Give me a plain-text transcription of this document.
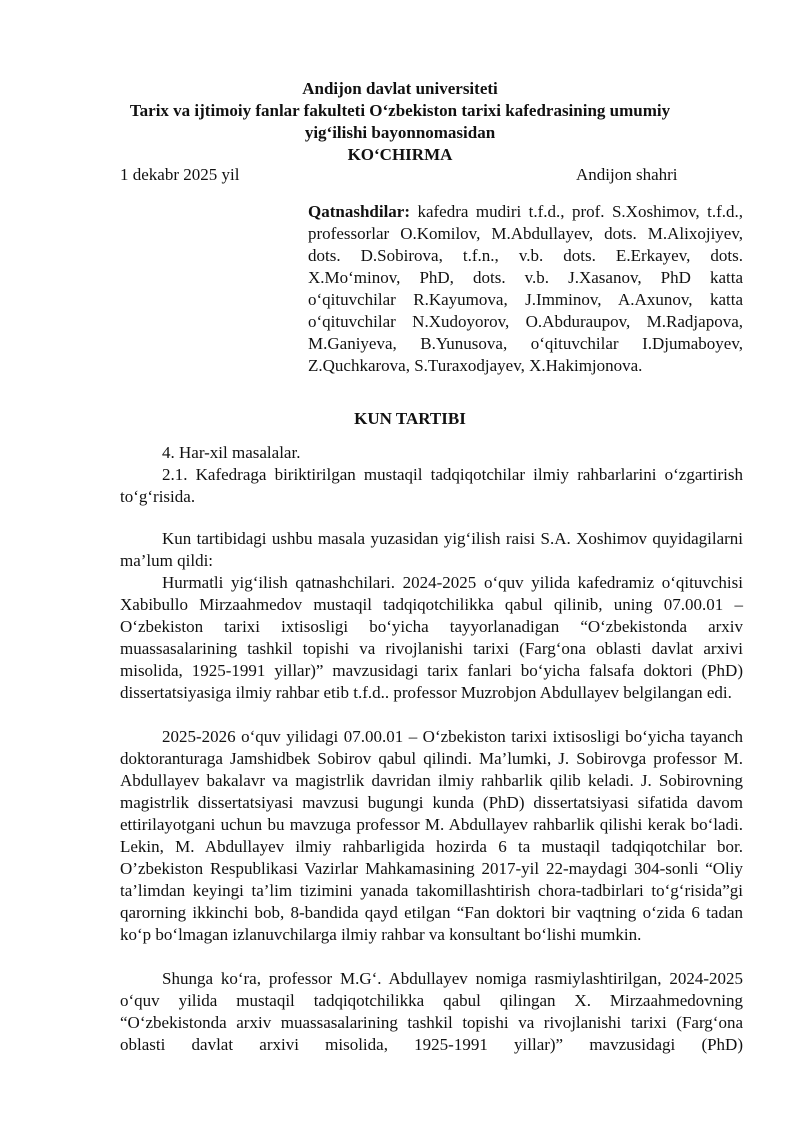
Andijon davlat universiteti
Tarix va ijtimoiy fanlar fakulteti O‘zbekiston tarixi kafedrasining umumiy
yig‘ilishi bayonnomasidan
KO‘CHIRMA
1 dekabr 2025 yil	Andijon shahri
Qatnashdilar: kafedra mudiri t.f.d., prof. S.Xoshimov, t.f.d., professorlar O.Komilov, M.Abdullayev, dots. M.Alixojiyev, dots. D.Sobirova, t.f.n., v.b. dots. E.Erkayev, dots. X.Mo‘minov, PhD, dots. v.b. J.Xasanov, PhD katta o‘qituvchilar R.Kayumova, J.Imminov, A.Axunov, katta o‘qituvchilar N.Xudoyorov, O.Abduraupov, M.Radjapova, M.Ganiyeva, B.Yunusova, o‘qituvchilar I.Djumaboyev, Z.Quchkarova, S.Turaxodjayev, X.Hakimjonova.
KUN TARTIBI
4. Har-xil masalalar.
2.1. Kafedraga biriktirilgan mustaqil tadqiqotchilar ilmiy rahbarlarini o‘zgartirish to‘g‘risida.
Kun tartibidagi ushbu masala yuzasidan yig‘ilish raisi S.A. Xoshimov quyidagilarni ma’lum qildi:
Hurmatli yig‘ilish qatnashchilari. 2024-2025 o‘quv yilida kafedramiz o‘qituvchisi Xabibullo Mirzaahmedov mustaqil tadqiqotchilikka qabul qilinib, uning 07.00.01 – O‘zbekiston tarixi ixtisosligi bo‘yicha tayyorlanadigan “O‘zbekistonda arxiv muassasalarining tashkil topishi va rivojlanishi tarixi (Farg‘ona oblasti davlat arxivi misolida, 1925-1991 yillar)” mavzusidagi tarix fanlari bo‘yicha falsafa doktori (PhD) dissertatsiyasiga ilmiy rahbar etib t.f.d.. professor Muzrobjon Abdullayev belgilangan edi.
2025-2026 o‘quv yilidagi 07.00.01 – O‘zbekiston tarixi ixtisosligi bo‘yicha tayanch doktoranturaga Jamshidbek Sobirov qabul qilindi. Ma’lumki, J. Sobirovga professor M. Abdullayev bakalavr va magistrlik davridan ilmiy rahbarlik qilib keladi. J. Sobirovning magistrlik dissertatsiyasi mavzusi bugungi kunda (PhD) dissertatsiyasi sifatida davom ettirilayotgani uchun bu mavzuga professor M. Abdullayev rahbarlik qilishi kerak bo‘ladi. Lekin, M. Abdullayev ilmiy rahbarligida hozirda 6 ta mustaqil tadqiqotchilar bor. O’zbekiston Respublikasi Vazirlar Mahkamasining 2017-yil 22-maydagi 304-sonli “Oliy ta’limdan keyingi ta’lim tizimini yanada takomillashtirish chora-tadbirlari to‘g‘risida”gi qarorning ikkinchi bob, 8-bandida qayd etilgan “Fan doktori bir vaqtning o‘zida 6 tadan ko‘p bo‘lmagan izlanuvchilarga ilmiy rahbar va konsultant bo‘lishi mumkin.
Shunga ko‘ra, professor M.G‘. Abdullayev nomiga rasmiylashtirilgan, 2024-2025 o‘quv yilida mustaqil tadqiqotchilikka qabul qilingan X. Mirzaahmedovning “O‘zbekistonda arxiv muassasalarining tashkil topishi va rivojlanishi tarixi (Farg‘ona oblasti davlat arxivi misolida, 1925-1991 yillar)” mavzusidagi (PhD)
